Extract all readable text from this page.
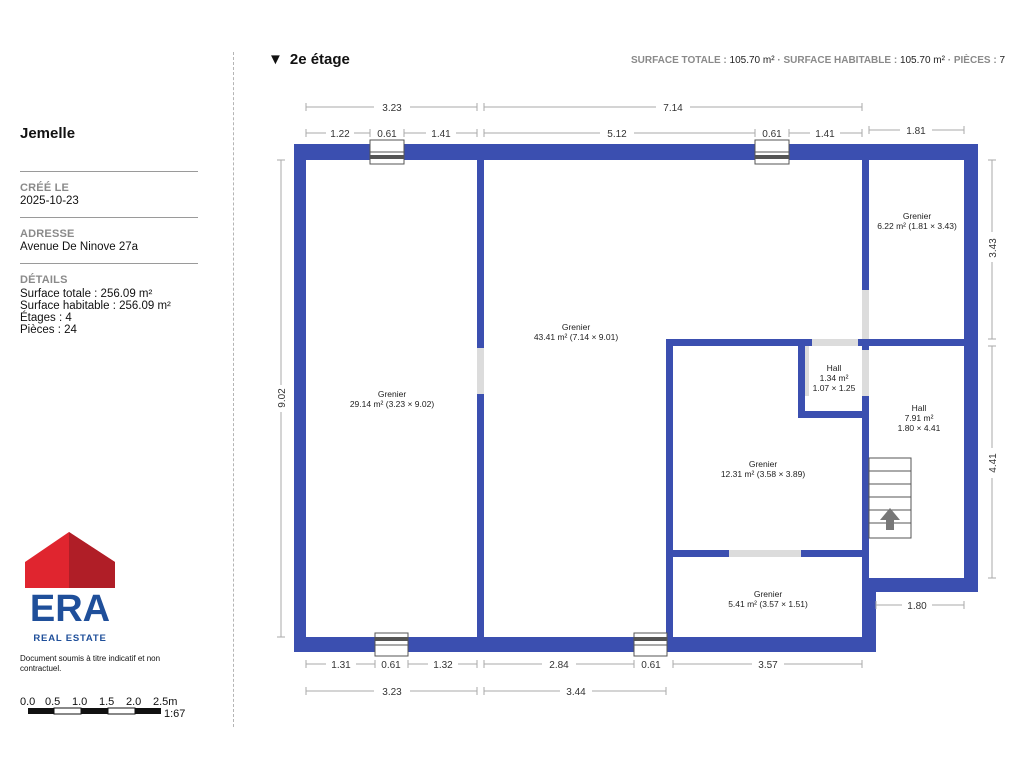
Jemelle
CRÉÉ LE
2025-10-23
ADRESSE
Avenue De Ninove 27a
DÉTAILS
Surface totale : 256.09 m²
Surface habitable : 256.09 m²
Étages : 4
Pièces : 24
ERA
REAL ESTATE
Document soumis à titre indicatif et non contractuel.
0.0 0.5 1.0 1.5 2.0 2.5m
1:67
▼ 2e étage	SURFACE TOTALE : 105.70 m² · SURFACE HABITABLE : 105.70 m² · PIÈCES : 7
Grenier
29.14 m² (3.23 × 9.02)
Grenier
43.41 m² (7.14 × 9.01)
Grenier
6.22 m² (1.81 × 3.43)
Hall
1.34 m²
1.07 × 1.25
Hall
7.91 m²
1.80 × 4.41
Grenier
12.31 m² (3.58 × 3.89)
Grenier
5.41 m² (3.57 × 1.51)
3.23	7.14
1.22	0.61	1.41	5.12	0.61	1.41	1.81
9.02
3.43
4.41
1.80
1.31	0.61	1.32	2.84	0.61	3.57
3.23	3.44
